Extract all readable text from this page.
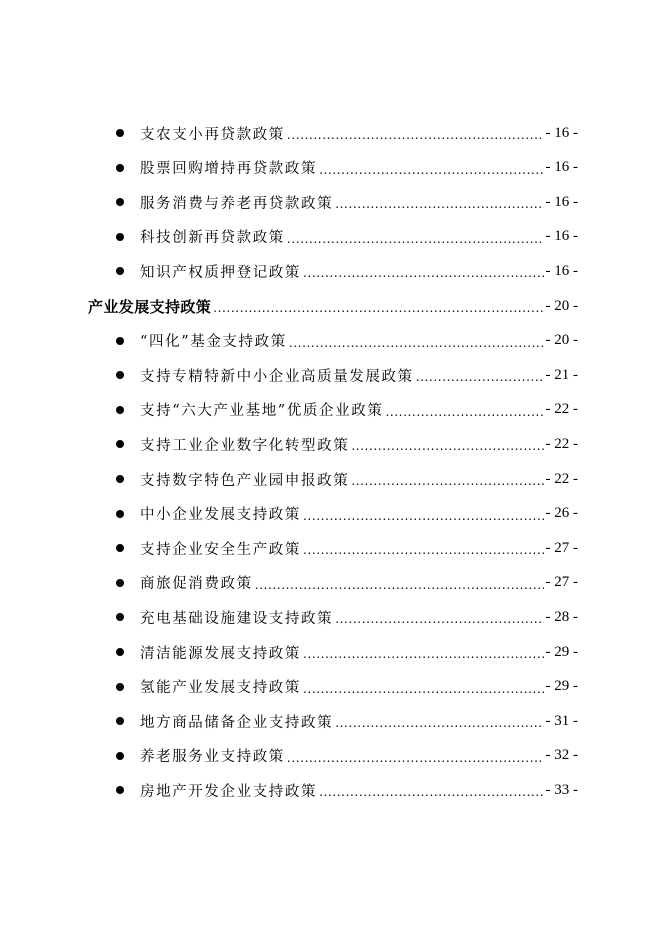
支农支小再贷款政策 .....	- 16 -
股票回购增持再贷款政策 .....	- 16 -
服务消费与养老再贷款政策 .....	- 16 -
科技创新再贷款政策 .....	- 16 -
知识产权质押登记政策 .....	- 16 -
产业发展支持政策 .....	- 20 -
“四化”基金支持政策 .....	- 20 -
支持专精特新中小企业高质量发展政策 .....	- 21 -
支持“六大产业基地”优质企业政策 .....	- 22 -
支持工业企业数字化转型政策 .....	- 22 -
支持数字特色产业园申报政策 .....	- 22 -
中小企业发展支持政策 .....	- 26 -
支持企业安全生产政策 .....	- 27 -
商旅促消费政策 .....	- 27 -
充电基础设施建设支持政策 .....	- 28 -
清洁能源发展支持政策 .....	- 29 -
氢能产业发展支持政策 .....	- 29 -
地方商品储备企业支持政策 .....	- 31 -
养老服务业支持政策 .....	- 32 -
房地产开发企业支持政策 .....	- 33 -
